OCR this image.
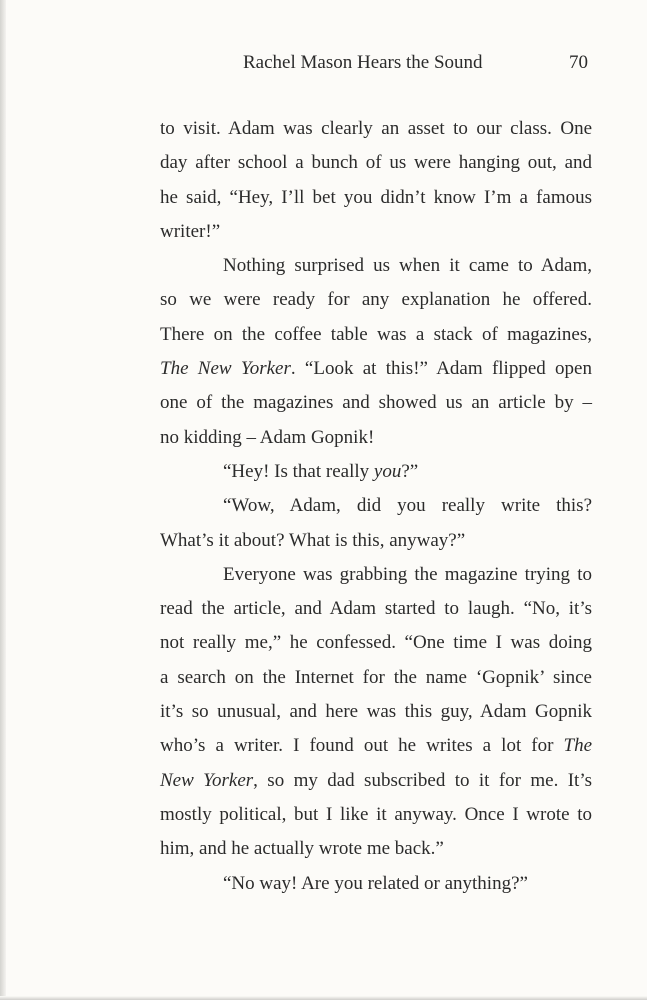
Rachel Mason Hears the Sound	70
to visit. Adam was clearly an asset to our class. One
day after school a bunch of us were hanging out, and
he said, “Hey, I’ll bet you didn’t know I’m a famous
writer!”
Nothing surprised us when it came to Adam,
so we were ready for any explanation he offered.
There on the coffee table was a stack of magazines,
The New Yorker. “Look at this!” Adam flipped open
one of the magazines and showed us an article by –
no kidding – Adam Gopnik!
“Hey! Is that really you?”
“Wow, Adam, did you really write this?
What’s it about? What is this, anyway?”
Everyone was grabbing the magazine trying to
read the article, and Adam started to laugh. “No, it’s
not really me,” he confessed. “One time I was doing
a search on the Internet for the name ‘Gopnik’ since
it’s so unusual, and here was this guy, Adam Gopnik
who’s a writer. I found out he writes a lot for The
New Yorker, so my dad subscribed to it for me. It’s
mostly political, but I like it anyway. Once I wrote to
him, and he actually wrote me back.”
“No way! Are you related or anything?”
